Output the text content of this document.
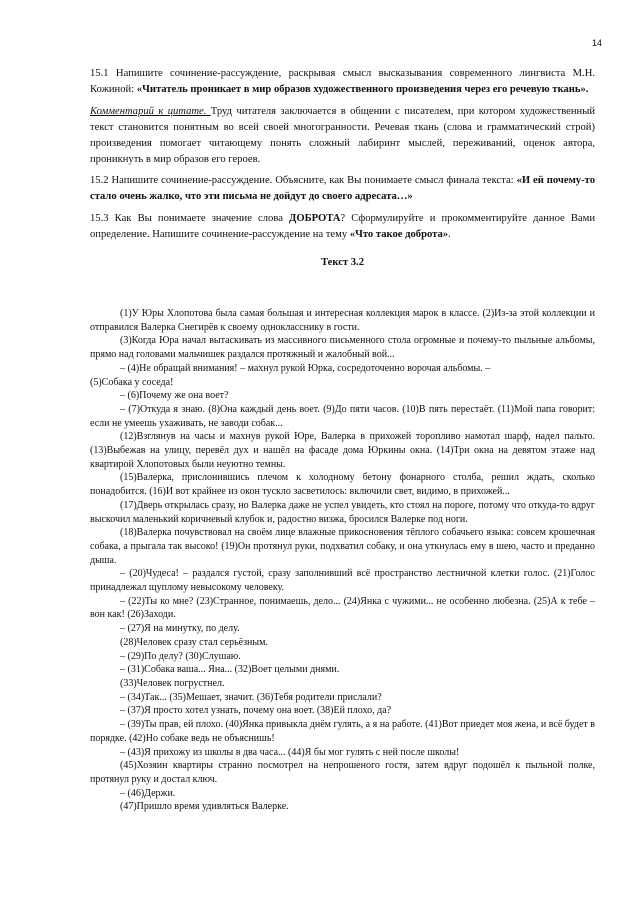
14

15.1 Напишите сочинение-рассуждение, раскрывая смысл высказывания современного лингвиста М.Н. Кожиной: «Читатель проникает в мир образов художественного произведения через его речевую ткань».

Комментарий к цитате. Труд читателя заключается в общении с писателем, при котором художественный текст становится понятным во всей своей многогранности. Речевая ткань (слова и грамматический строй) произведения помогает читающему понять сложный лабиринт мыслей, переживаний, оценок автора, проникнуть в мир образов его героев.

15.2 Напишите сочинение-рассуждение. Объясните, как Вы понимаете смысл финала текста: «И ей почему-то стало очень жалко, что эти письма не дойдут до своего адресата…»

15.3 Как Вы понимаете значение слова ДОБРОТА? Сформулируйте и прокомментируйте данное Вами определение. Напишите сочинение-рассуждение на тему «Что такое доброта».

Текст 3.2

(1)У Юры Хлопотова была самая большая и интересная коллекция марок в классе. (2)Из-за этой коллекции и отправился Валерка Снегирёв к своему однокласснику в гости.

(3)Когда Юра начал вытаскивать из массивного письменного стола огромные и почему-то пыльные альбомы, прямо над головами мальчишек раздался протяжный и жалобный вой...

– (4)Не обращай внимания! – махнул рукой Юрка, сосредоточенно ворочая альбомы. –

(5)Собака у соседа!

– (6)Почему же она воет?

– (7)Откуда я знаю. (8)Она каждый день воет. (9)До пяти часов. (10)В пять перестаёт. (11)Мой папа говорит: если не умеешь ухаживать, не заводи собак...

(12)Взглянув на часы и махнув рукой Юре, Валерка в прихожей торопливо намотал шарф, надел пальто. (13)Выбежав на улицу, перевёл дух и нашёл на фасаде дома Юркины окна. (14)Три окна на девятом этаже над квартирой Хлопотовых были неуютно темны.

(15)Валерка, прислонившись плечом к холодному бетону фонарного столба, решил ждать, сколько понадобится. (16)И вот крайнее из окон тускло засветилось: включили свет, видимо, в прихожей...

(17)Дверь открылась сразу, но Валерка даже не успел увидеть, кто стоял на пороге, потому что откуда-то вдруг выскочил маленький коричневый клубок и, радостно визжа, бросился Валерке под ноги.

(18)Валерка почувствовал на своём лице влажные прикосновения тёплого собачьего языка: совсем крошечная собака, а прыгала так высоко! (19)Он протянул руки, подхватил собаку, и она уткнулась ему в шею, часто и преданно дыша.

– (20)Чудеса! – раздался густой, сразу заполнивший всё пространство лестничной клетки голос. (21)Голос принадлежал щуплому невысокому человеку.

– (22)Ты ко мне? (23)Странное, понимаешь, дело... (24)Янка с чужими... не особенно любезна. (25)А к тебе – вон как! (26)Заходи.

– (27)Я на минутку, по делу.

(28)Человек сразу стал серьёзным.

– (29)По делу? (30)Слушаю.

– (31)Собака ваша... Яна... (32)Воет целыми днями.

(33)Человек погрустнел.

– (34)Так... (35)Мешает, значит. (36)Тебя родители прислали?

– (37)Я просто хотел узнать, почему она воет. (38)Ей плохо, да?

– (39)Ты прав, ей плохо. (40)Янка привыкла днём гулять, а я на работе. (41)Вот приедет моя жена, и всё будет в порядке. (42)Но собаке ведь не объяснишь!

– (43)Я прихожу из школы в два часа... (44)Я бы мог гулять с ней после школы!

(45)Хозяин квартиры странно посмотрел на непрошеного гостя, затем вдруг подошёл к пыльной полке, протянул руку и достал ключ.

– (46)Держи.

(47)Пришло время удивляться Валерке.
